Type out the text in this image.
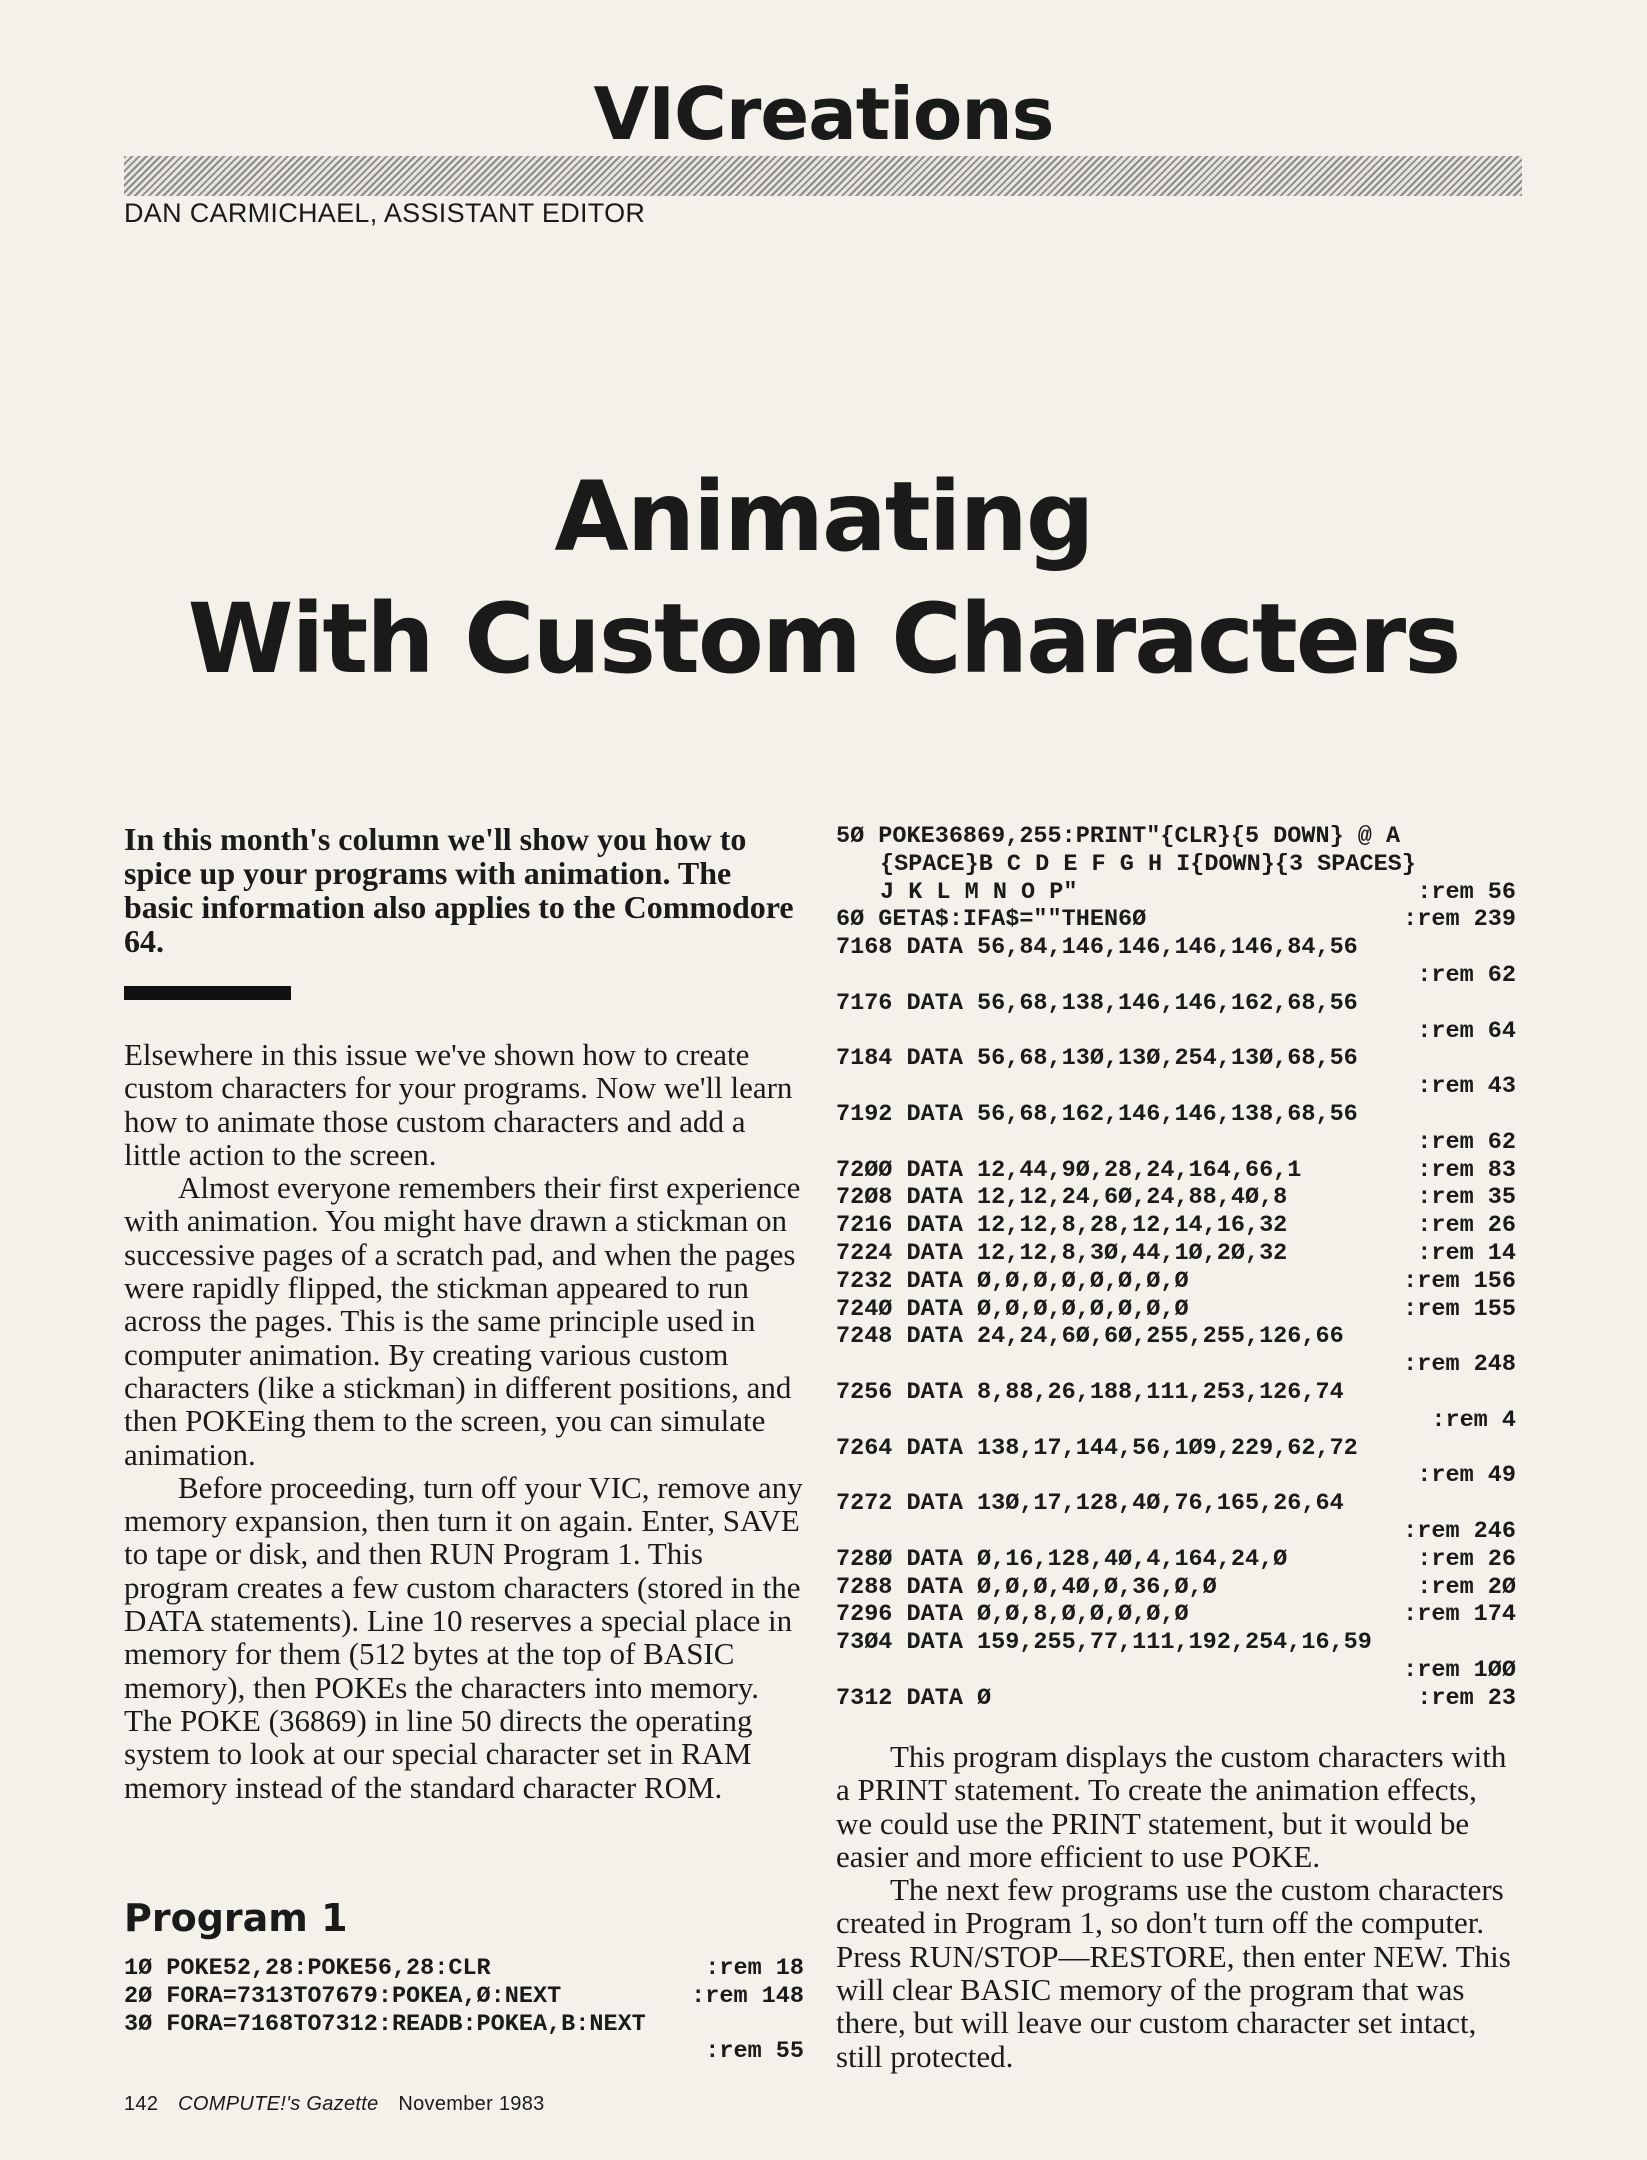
VICreations
DAN CARMICHAEL, ASSISTANT EDITOR
Animating
With Custom Characters
In this month's column we'll show you how to spice up your programs with animation. The basic information also applies to the Commodore 64.

Elsewhere in this issue we've shown how to create custom characters for your programs. Now we'll learn how to animate those custom characters and add a little action to the screen.

Almost everyone remembers their first experience with animation. You might have drawn a stickman on successive pages of a scratch pad, and when the pages were rapidly flipped, the stickman appeared to run across the pages. This is the same principle used in computer animation. By creating various custom characters (like a stickman) in different positions, and then POKEing them to the screen, you can simulate animation.

Before proceeding, turn off your VIC, remove any memory expansion, then turn it on again. Enter, SAVE to tape or disk, and then RUN Program 1. This program creates a few custom characters (stored in the DATA statements). Line 10 reserves a special place in memory for them (512 bytes at the top of BASIC memory), then POKEs the characters into memory. The POKE (36869) in line 50 directs the operating system to look at our special character set in RAM memory instead of the standard character ROM.

Program 1
1Ø POKE52,28:POKE56,28:CLR	:rem 18
2Ø FORA=7313TO7679:POKEA,Ø:NEXT	:rem 148
3Ø FORA=7168TO7312:READB:POKEA,B:NEXT
:rem 55
5Ø POKE36869,255:PRINT"{CLR}{5 DOWN} @ A
{SPACE}B C D E F G H I{DOWN}{3 SPACES}
J K L M N O P"	:rem 56
6Ø GETA$:IFA$=""THEN6Ø	:rem 239
7168 DATA 56,84,146,146,146,146,84,56
:rem 62
7176 DATA 56,68,138,146,146,162,68,56
:rem 64
7184 DATA 56,68,13Ø,13Ø,254,13Ø,68,56
:rem 43
7192 DATA 56,68,162,146,146,138,68,56
:rem 62
72ØØ DATA 12,44,9Ø,28,24,164,66,1	:rem 83
72Ø8 DATA 12,12,24,6Ø,24,88,4Ø,8	:rem 35
7216 DATA 12,12,8,28,12,14,16,32	:rem 26
7224 DATA 12,12,8,3Ø,44,1Ø,2Ø,32	:rem 14
7232 DATA Ø,Ø,Ø,Ø,Ø,Ø,Ø,Ø	:rem 156
724Ø DATA Ø,Ø,Ø,Ø,Ø,Ø,Ø,Ø	:rem 155
7248 DATA 24,24,6Ø,6Ø,255,255,126,66
:rem 248
7256 DATA 8,88,26,188,111,253,126,74
:rem 4
7264 DATA 138,17,144,56,1Ø9,229,62,72
:rem 49
7272 DATA 13Ø,17,128,4Ø,76,165,26,64
:rem 246
728Ø DATA Ø,16,128,4Ø,4,164,24,Ø	:rem 26
7288 DATA Ø,Ø,Ø,4Ø,Ø,36,Ø,Ø	:rem 2Ø
7296 DATA Ø,Ø,8,Ø,Ø,Ø,Ø,Ø	:rem 174
73Ø4 DATA 159,255,77,111,192,254,16,59
:rem 1ØØ
7312 DATA Ø	:rem 23

This program displays the custom characters with a PRINT statement. To create the animation effects, we could use the PRINT statement, but it would be easier and more efficient to use POKE.

The next few programs use the custom characters created in Program 1, so don't turn off the computer. Press RUN/STOP—RESTORE, then enter NEW. This will clear BASIC memory of the program that was there, but will leave our custom character set intact, still protected.

142 COMPUTE!'s Gazette November 1983
